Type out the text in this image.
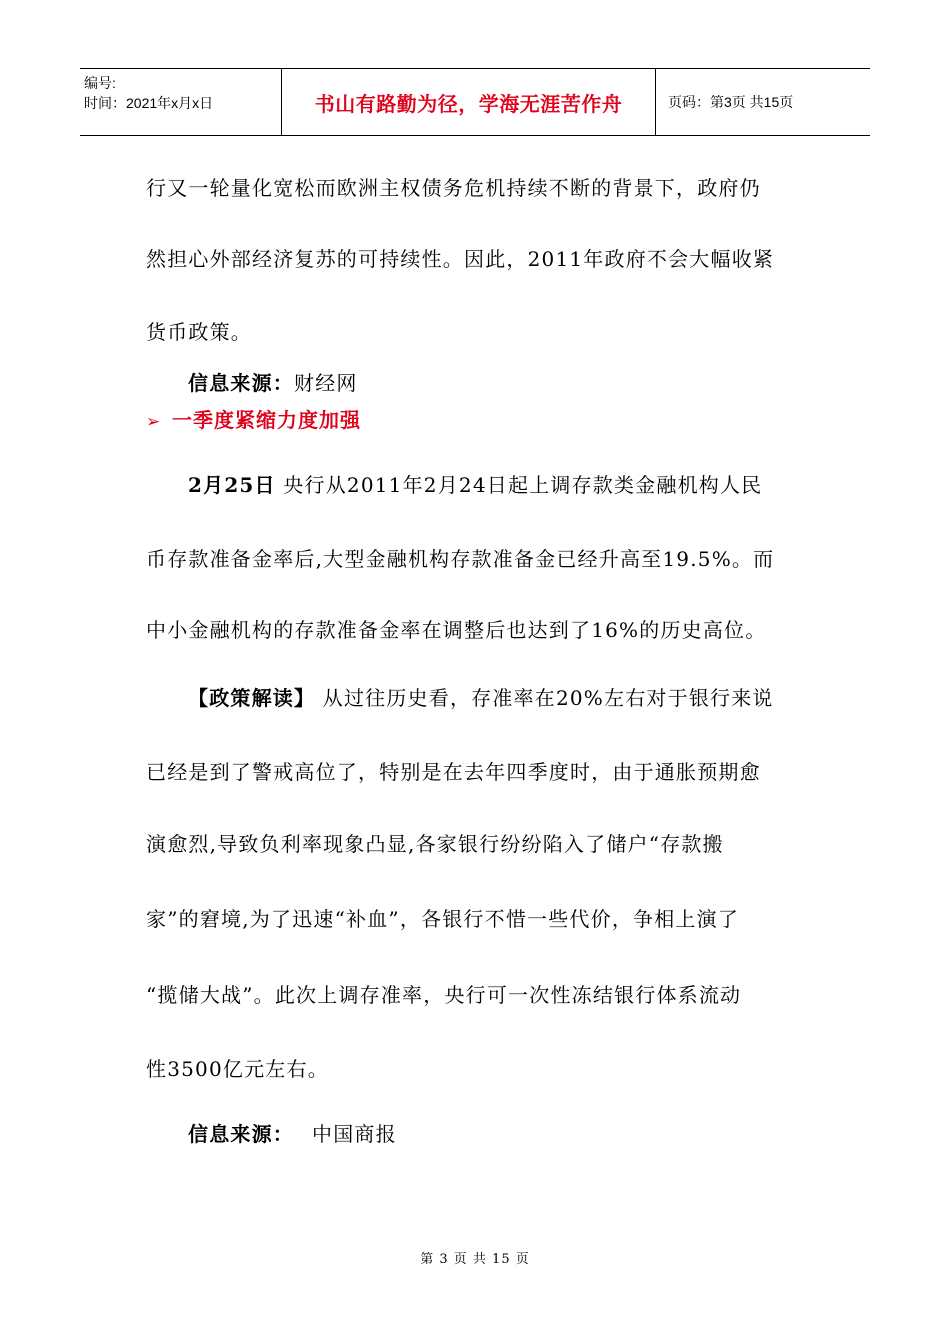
编号:
时间：2021年x月x日	书山有路勤为径，学海无涯苦作舟	页码：第3页 共15页
行又一轮量化宽松而欧洲主权债务危机持续不断的背景下，政府仍
然担心外部经济复苏的可持续性。因此，2011年政府不会大幅收紧
货币政策。
信息来源：财经网
➢ 一季度紧缩力度加强
2月25日 央行从2011年2月24日起上调存款类金融机构人民
币存款准备金率后,大型金融机构存款准备金已经升高至19.5%。而
中小金融机构的存款准备金率在调整后也达到了16%的历史高位。
【政策解读】 从过往历史看，存准率在20%左右对于银行来说
已经是到了警戒高位了，特别是在去年四季度时，由于通胀预期愈
演愈烈,导致负利率现象凸显,各家银行纷纷陷入了储户“存款搬
家”的窘境,为了迅速“补血”，各银行不惜一些代价，争相上演了
“揽储大战”。此次上调存准率，央行可一次性冻结银行体系流动
性3500亿元左右。
信息来源： 中国商报
第 3 页 共 15 页
